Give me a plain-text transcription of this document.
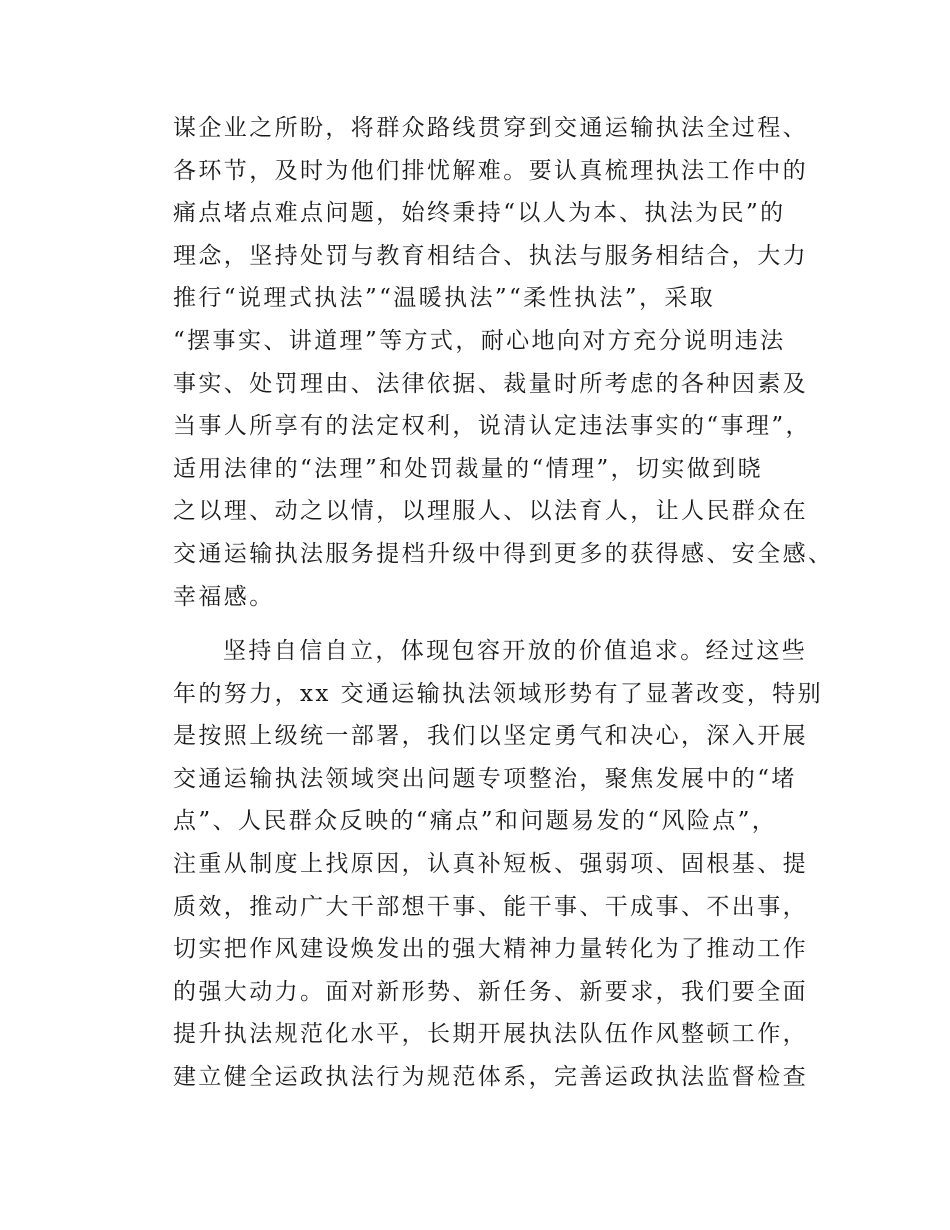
谋企业之所盼，将群众路线贯穿到交通运输执法全过程、
各环节，及时为他们排忧解难。要认真梳理执法工作中的
痛点堵点难点问题，始终秉持“以人为本、执法为民”的
理念，坚持处罚与教育相结合、执法与服务相结合，大力
推行“说理式执法”“温暖执法”“柔性执法”，采取
“摆事实、讲道理”等方式，耐心地向对方充分说明违法
事实、处罚理由、法律依据、裁量时所考虑的各种因素及
当事人所享有的法定权利，说清认定违法事实的“事理”，
适用法律的“法理”和处罚裁量的“情理”，切实做到晓
之以理、动之以情，以理服人、以法育人，让人民群众在
交通运输执法服务提档升级中得到更多的获得感、安全感、
幸福感。
坚持自信自立，体现包容开放的价值追求。经过这些
年的努力，xx 交通运输执法领域形势有了显著改变，特别
是按照上级统一部署，我们以坚定勇气和决心，深入开展
交通运输执法领域突出问题专项整治，聚焦发展中的“堵
点”、人民群众反映的“痛点”和问题易发的“风险点”，
注重从制度上找原因，认真补短板、强弱项、固根基、提
质效，推动广大干部想干事、能干事、干成事、不出事，
切实把作风建设焕发出的强大精神力量转化为了推动工作
的强大动力。面对新形势、新任务、新要求，我们要全面
提升执法规范化水平，长期开展执法队伍作风整顿工作，
建立健全运政执法行为规范体系，完善运政执法监督检查
